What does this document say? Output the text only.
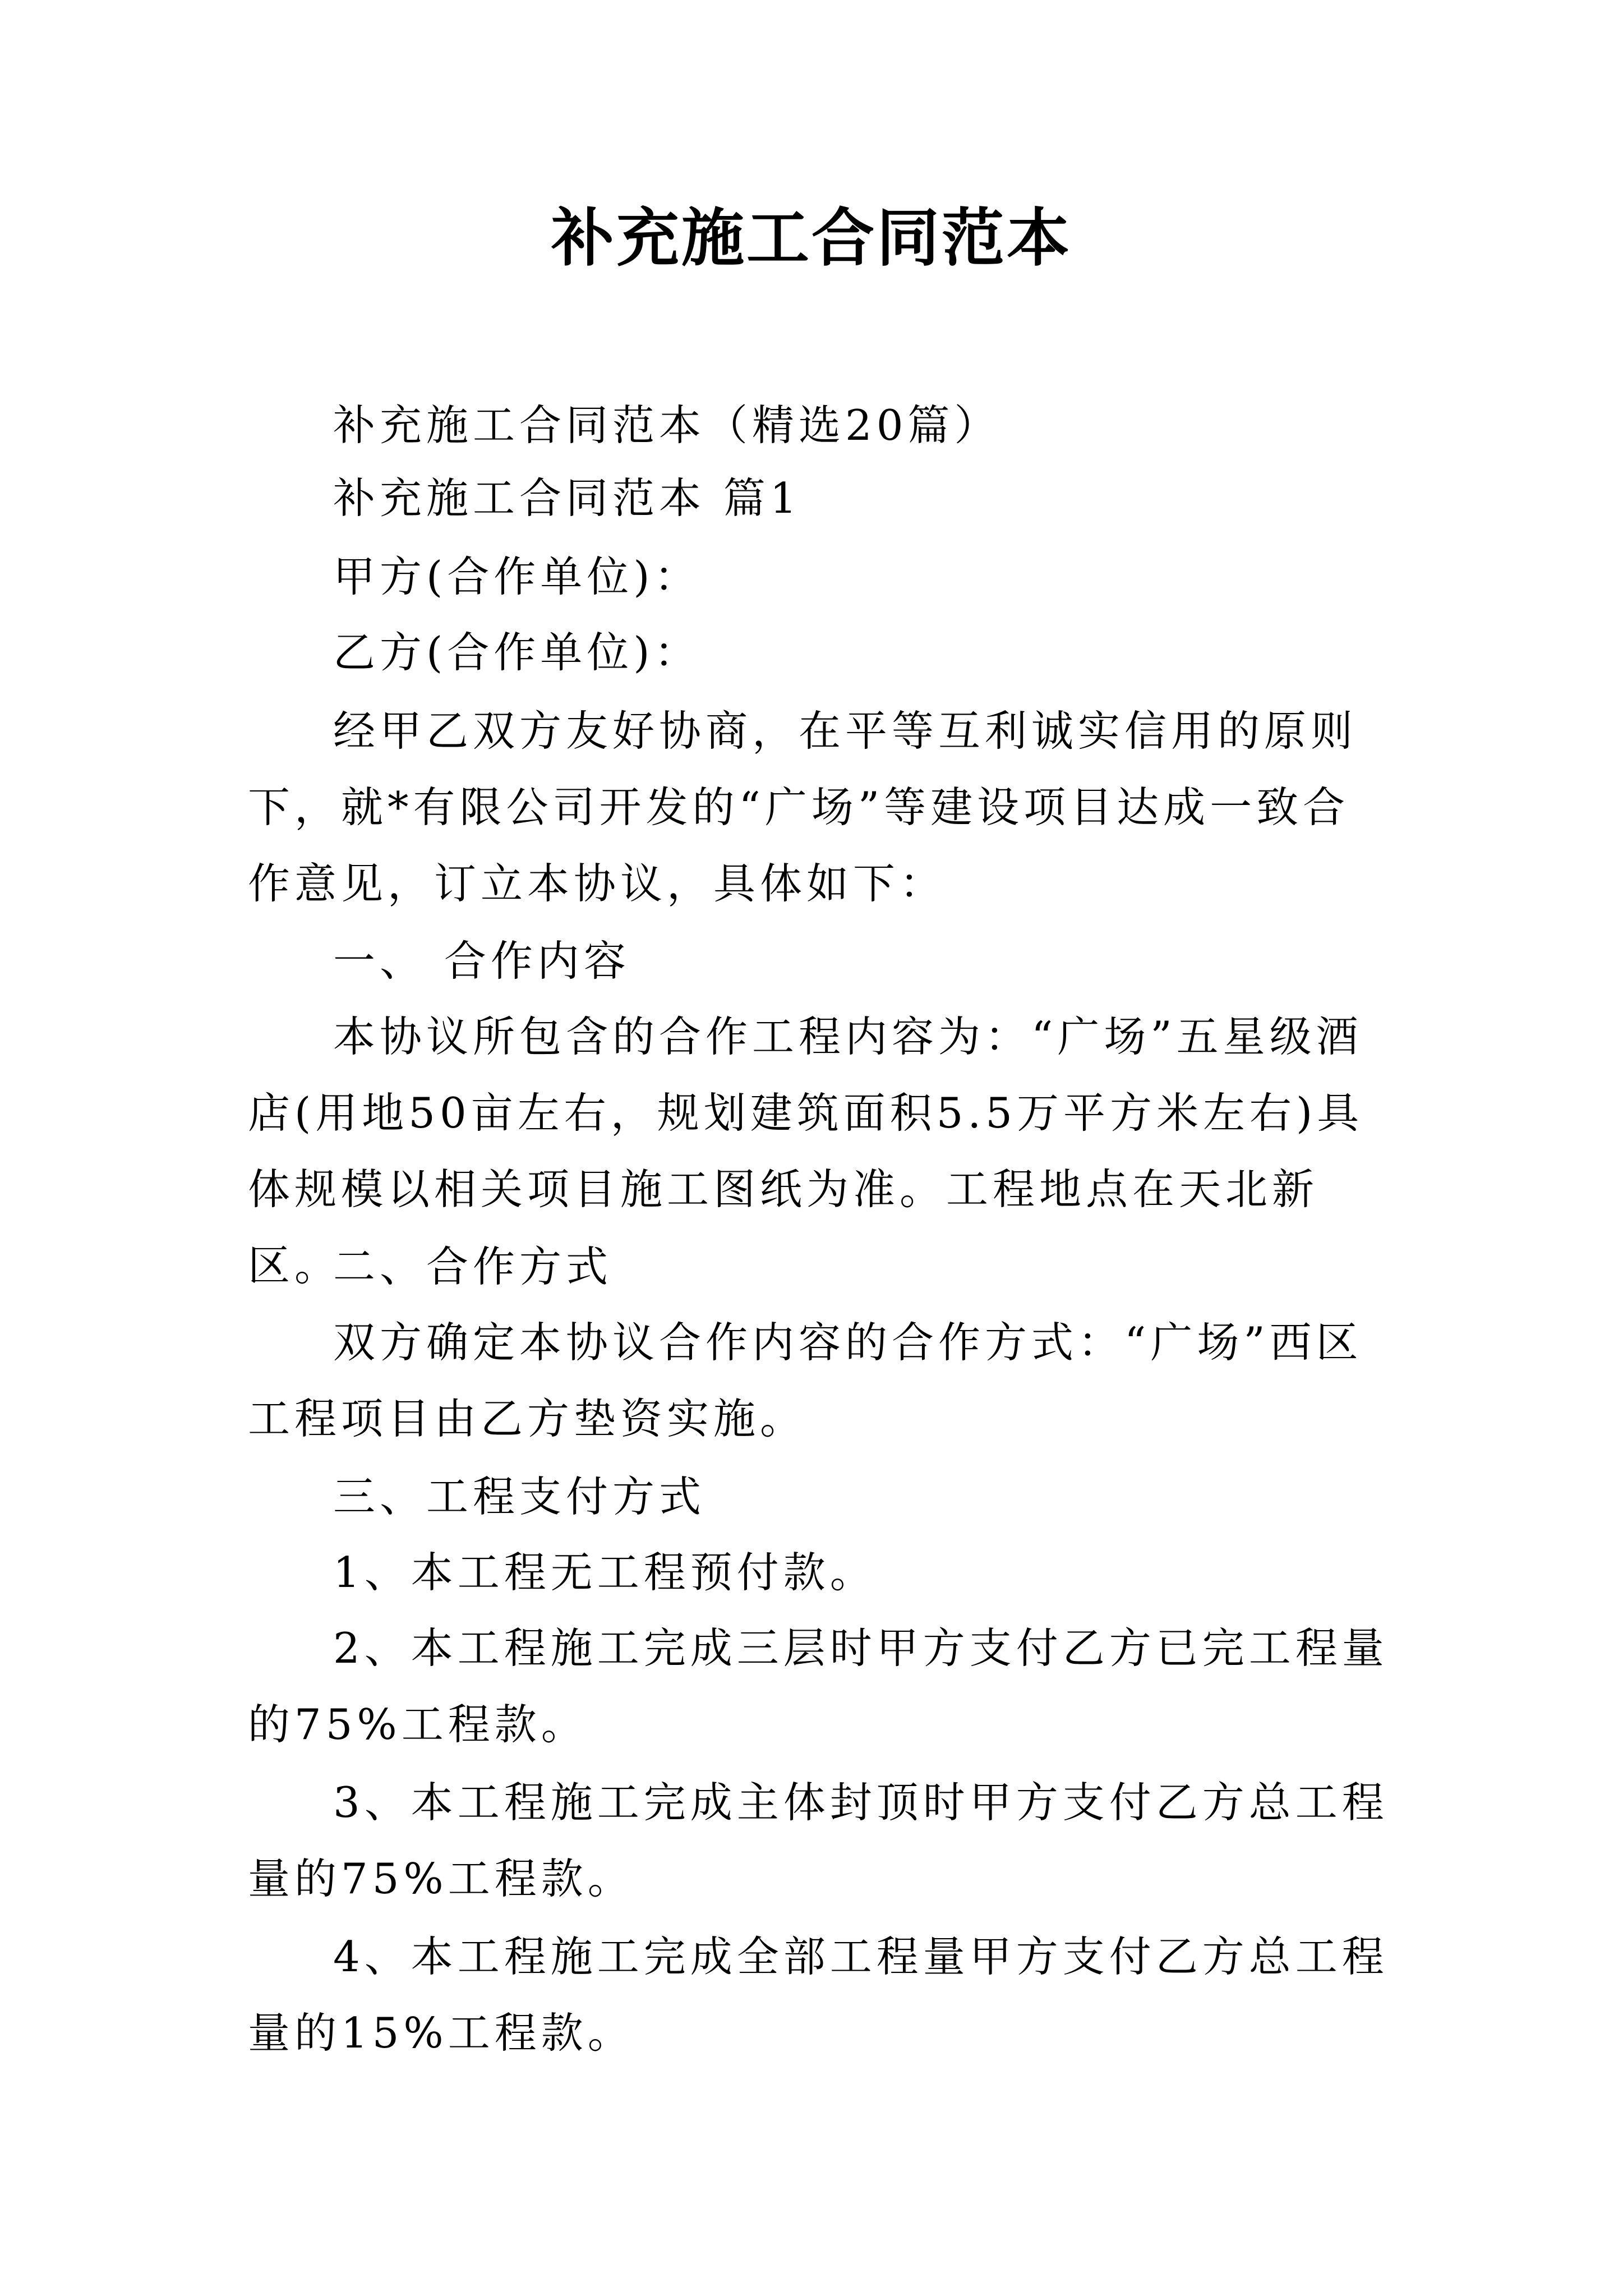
补充施工合同范本

补充施工合同范本（精选20篇）

补充施工合同范本 篇1

甲方(合作单位)：

乙方(合作单位)：

经甲乙双方友好协商，在平等互利诚实信用的原则下，就*有限公司开发的“广场”等建设项目达成一致合作意见，订立本协议，具体如下：

一、 合作内容

本协议所包含的合作工程内容为：“广场”五星级酒店(用地50亩左右，规划建筑面积5.5万平方米左右)具体规模以相关项目施工图纸为准。工程地点在天北新区。

二、合作方式

双方确定本协议合作内容的合作方式：“广场”西区工程项目由乙方垫资实施。

三、工程支付方式

1、本工程无工程预付款。

2、本工程施工完成三层时甲方支付乙方已完工程量的75%工程款。

3、本工程施工完成主体封顶时甲方支付乙方总工程量的75%工程款。

4、本工程施工完成全部工程量甲方支付乙方总工程量的15%工程款。
